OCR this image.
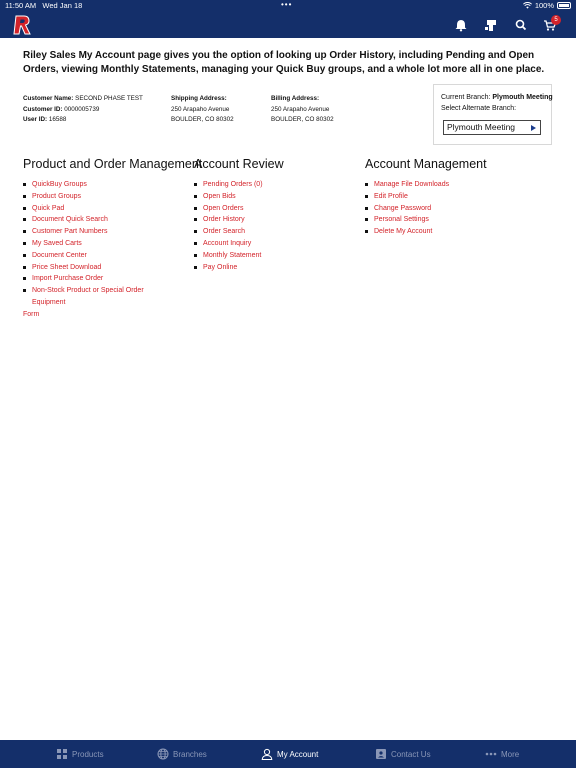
11:50 AM Wed Jan 18	•••	100%
5
Riley Sales My Account page gives you the option of looking up Order History, including Pending and Open Orders, viewing Monthly Statements, managing your Quick Buy groups, and a whole lot more all in one place.
Customer Name: SECOND PHASE TEST
Customer ID: 0000005739
User ID: 16588
Shipping Address:
250 Arapaho Avenue
BOULDER, CO 80302
Billing Address:
250 Arapaho Avenue
BOULDER, CO 80302
Current Branch: Plymouth Meeting
Select Alternate Branch:
Plymouth Meeting
Product and Order Management
QuickBuy Groups
Product Groups
Quick Pad
Document Quick Search
Customer Part Numbers
My Saved Carts
Document Center
Price Sheet Download
Import Purchase Order
Non-Stock Product or Special Order Equipment
Form
Account Review
Pending Orders (0)
Open Bids
Open Orders
Order History
Order Search
Account Inquiry
Monthly Statement
Pay Online
Account Management
Manage File Downloads
Edit Profile
Change Password
Personal Settings
Delete My Account
Products	Branches	My Account	Contact Us	More
